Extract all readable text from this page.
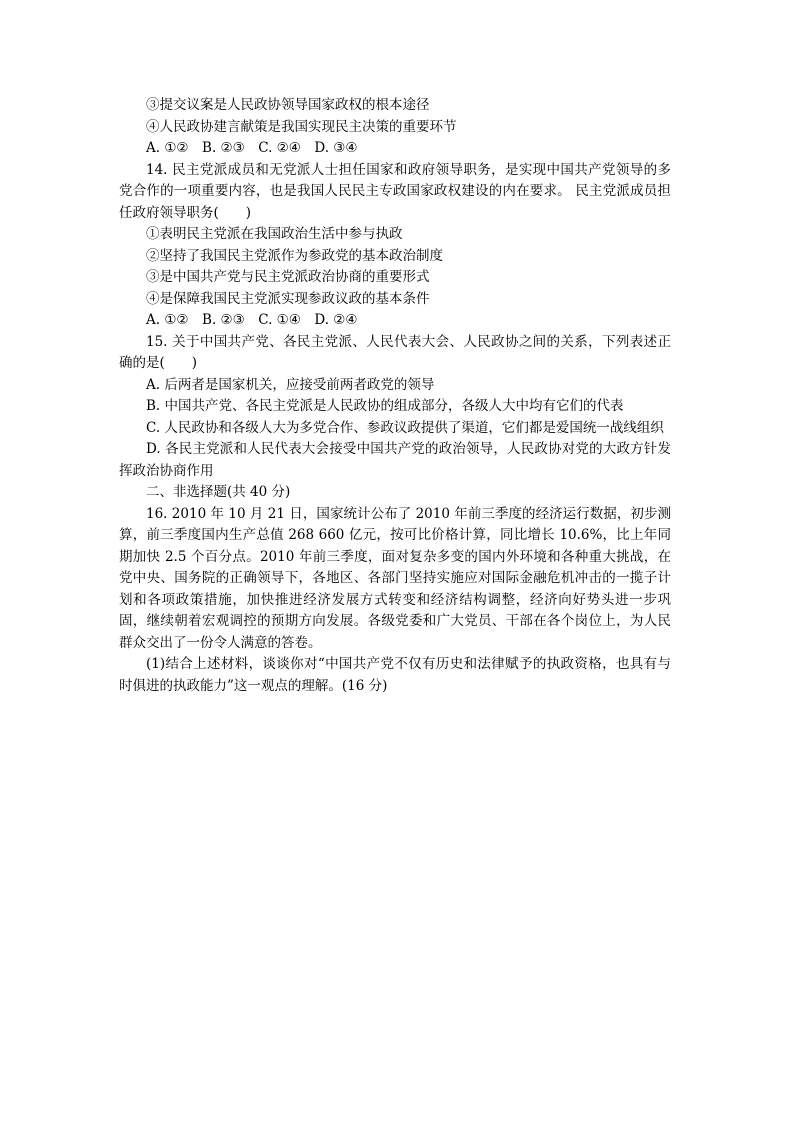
③提交议案是人民政协领导国家政权的根本途径
④人民政协建言献策是我国实现民主决策的重要环节
A. ①②　B. ②③　C. ②④　D. ③④
14. 民主党派成员和无党派人士担任国家和政府领导职务，是实现中国共产党领导的多党合作的一项重要内容，也是我国人民民主专政国家政权建设的内在要求。 民主党派成员担任政府领导职务(　　)
①表明民主党派在我国政治生活中参与执政
②坚持了我国民主党派作为参政党的基本政治制度
③是中国共产党与民主党派政治协商的重要形式
④是保障我国民主党派实现参政议政的基本条件
A. ①②　B. ②③　C. ①④　D. ②④
15. 关于中国共产党、各民主党派、人民代表大会、人民政协之间的关系，下列表述正确的是(　　)
A. 后两者是国家机关，应接受前两者政党的领导
B. 中国共产党、各民主党派是人民政协的组成部分，各级人大中均有它们的代表
C. 人民政协和各级人大为多党合作、参政议政提供了渠道，它们都是爱国统一战线组织
D. 各民主党派和人民代表大会接受中国共产党的政治领导，人民政协对党的大政方针发挥政治协商作用
二、非选择题(共 40 分)
16. 2010 年 10 月 21 日，国家统计公布了 2010 年前三季度的经济运行数据，初步测算，前三季度国内生产总值 268 660 亿元，按可比价格计算，同比增长 10.6%，比上年同期加快 2.5 个百分点。2010 年前三季度，面对复杂多变的国内外环境和各种重大挑战，在党中央、国务院的正确领导下，各地区、各部门坚持实施应对国际金融危机冲击的一揽子计划和各项政策措施，加快推进经济发展方式转变和经济结构调整，经济向好势头进一步巩固，继续朝着宏观调控的预期方向发展。各级党委和广大党员、干部在各个岗位上，为人民群众交出了一份令人满意的答卷。
(1)结合上述材料，谈谈你对“中国共产党不仅有历史和法律赋予的执政资格，也具有与时俱进的执政能力”这一观点的理解。(16 分)
